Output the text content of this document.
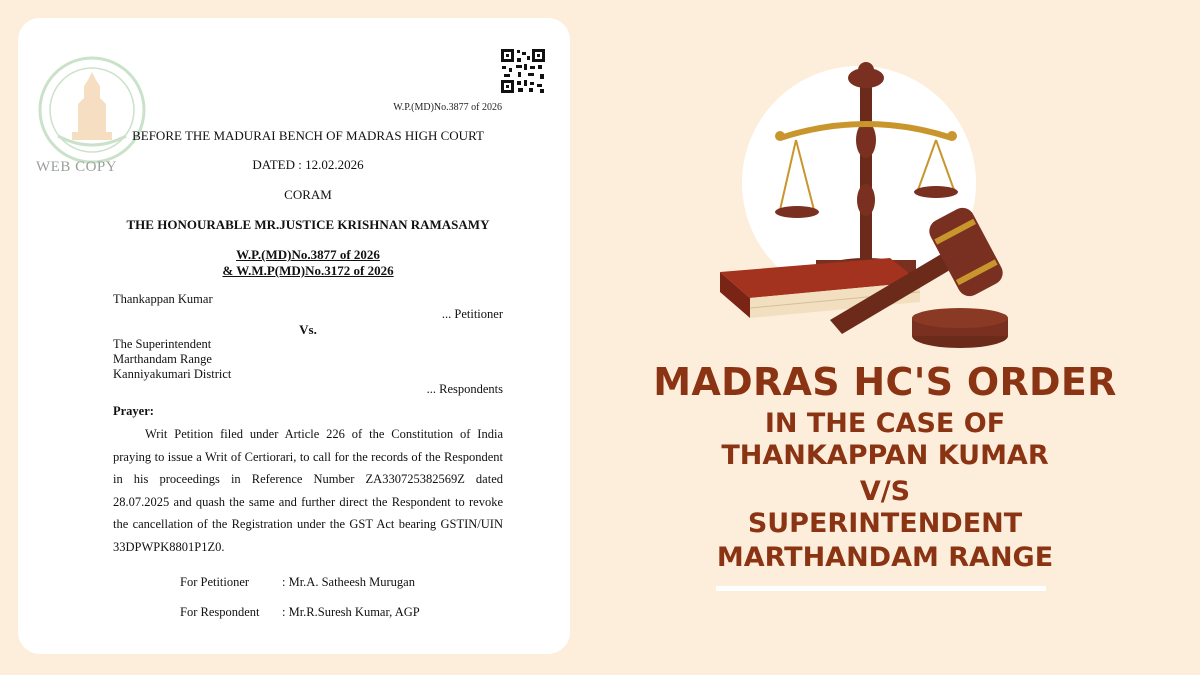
WEB COPY
W.P.(MD)No.3877 of 2026
BEFORE THE MADURAI BENCH OF MADRAS HIGH COURT
DATED : 12.02.2026
CORAM
THE HONOURABLE MR.JUSTICE KRISHNAN RAMASAMY
W.P.(MD)No.3877 of 2026
& W.M.P(MD)No.3172 of 2026
Thankappan Kumar
... Petitioner
Vs.
The Superintendent
Marthandam Range
Kanniyakumari District
... Respondents
Prayer:
Writ Petition filed under Article 226 of the Constitution of India praying to issue a Writ of Certiorari, to call for the records of the Respondent in his proceedings in Reference Number ZA330725382569Z dated 28.07.2025 and quash the same and further direct the Respondent to revoke the cancellation of the Registration under the GST Act bearing GSTIN/UIN 33DPWPK8801P1Z0.
For Petitioner	: Mr.A. Satheesh Murugan
For Respondent : Mr.R.Suresh Kumar, AGP
MADRAS HC'S ORDER
IN THE CASE OF
THANKAPPAN KUMAR
V/S
SUPERINTENDENT
MARTHANDAM RANGE
